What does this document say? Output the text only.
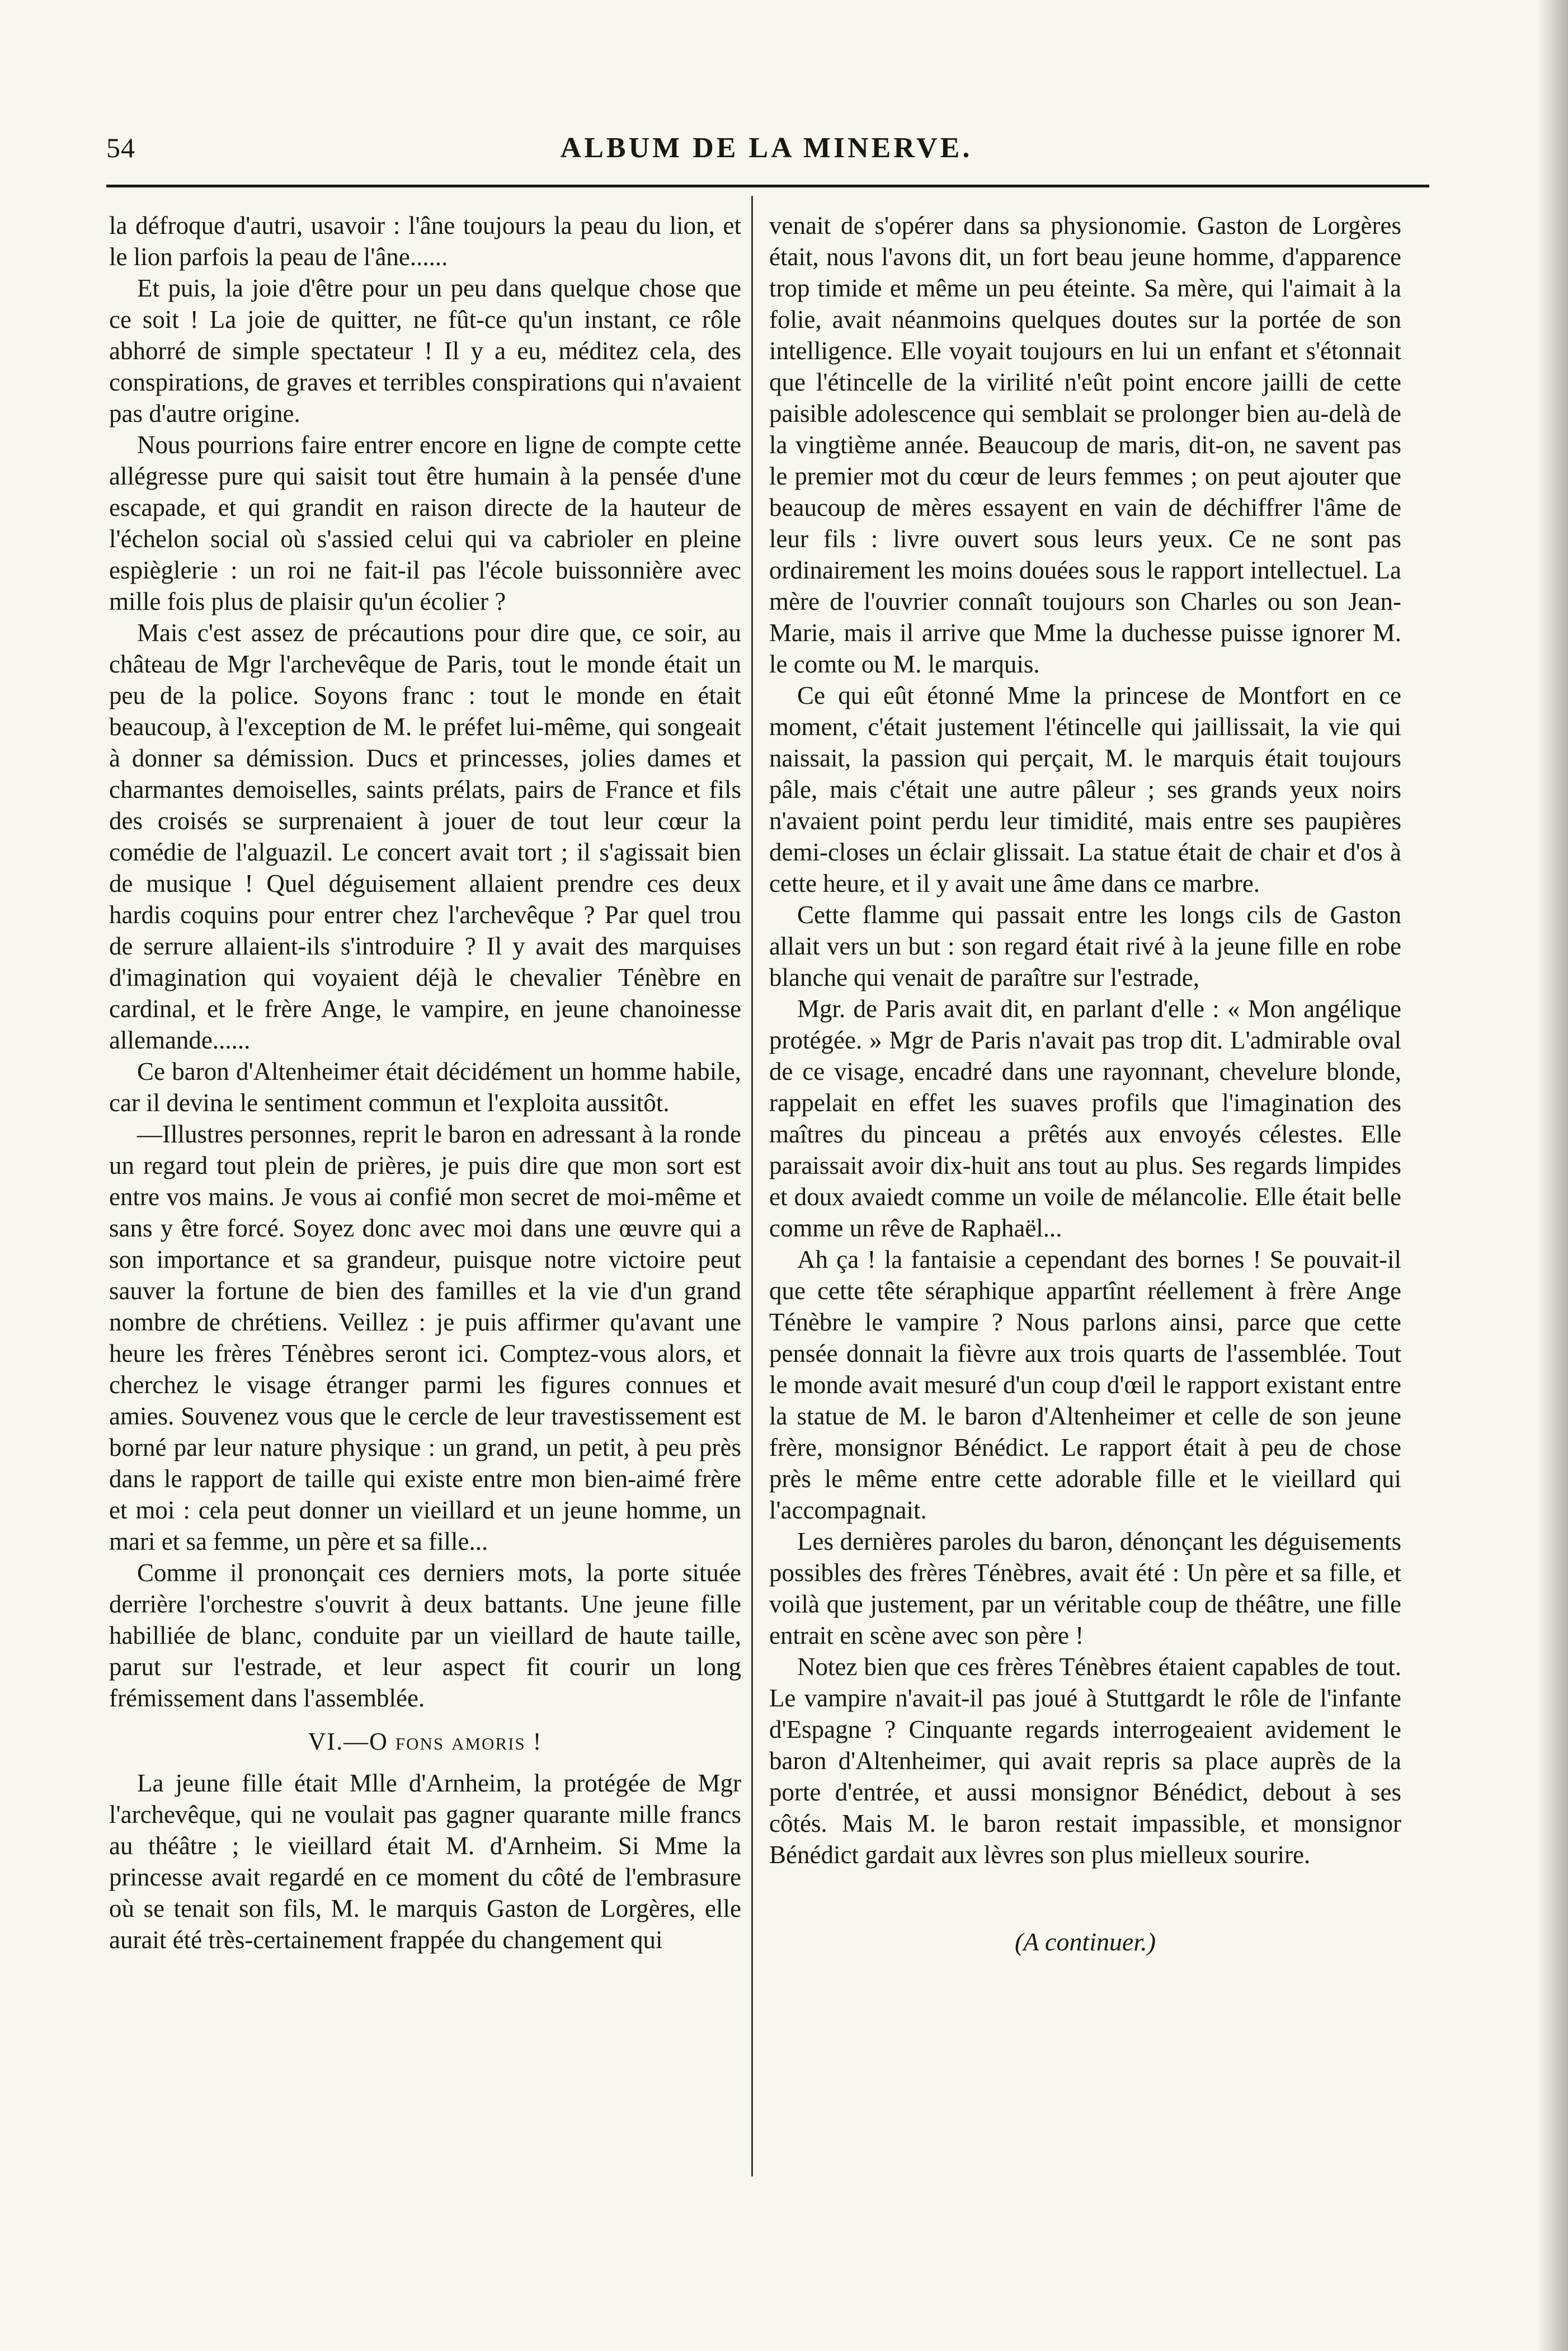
54	ALBUM DE LA MINERVE.

la défroque d'autri, usavoir : l'âne toujours la peau du lion, et le lion parfois la peau de l'âne......

Et puis, la joie d'être pour un peu dans quelque chose que ce soit ! La joie de quitter, ne fût-ce qu'un instant, ce rôle abhorré de simple spectateur ! Il y a eu, méditez cela, des conspirations, de graves et terribles conspirations qui n'avaient pas d'autre origine.

Nous pourrions faire entrer encore en ligne de compte cette allégresse pure qui saisit tout être humain à la pensée d'une escapade, et qui grandit en raison directe de la hauteur de l'échelon social où s'assied celui qui va cabrioler en pleine espièglerie : un roi ne fait-il pas l'école buissonnière avec mille fois plus de plaisir qu'un écolier ?

Mais c'est assez de précautions pour dire que, ce soir, au château de Mgr l'archevêque de Paris, tout le monde était un peu de la police. Soyons franc : tout le monde en était beaucoup, à l'exception de M. le préfet lui-même, qui songeait à donner sa démission. Ducs et princesses, jolies dames et charmantes demoiselles, saints prélats, pairs de France et fils des croisés se surprenaient à jouer de tout leur cœur la comédie de l'alguazil. Le concert avait tort ; il s'agissait bien de musique ! Quel déguisement allaient prendre ces deux hardis coquins pour entrer chez l'archevêque ? Par quel trou de serrure allaient-ils s'introduire ? Il y avait des marquises d'imagination qui voyaient déjà le chevalier Ténèbre en cardinal, et le frère Ange, le vampire, en jeune chanoinesse allemande......

Ce baron d'Altenheimer était décidément un homme habile, car il devina le sentiment commun et l'exploita aussitôt.

—Illustres personnes, reprit le baron en adressant à la ronde un regard tout plein de prières, je puis dire que mon sort est entre vos mains. Je vous ai confié mon secret de moi-même et sans y être forcé. Soyez donc avec moi dans une œuvre qui a son importance et sa grandeur, puisque notre victoire peut sauver la fortune de bien des familles et la vie d'un grand nombre de chrétiens. Veillez : je puis affirmer qu'avant une heure les frères Ténèbres seront ici. Comptez-vous alors, et cherchez le visage étranger parmi les figures connues et amies. Souvenez vous que le cercle de leur travestissement est borné par leur nature physique : un grand, un petit, à peu près dans le rapport de taille qui existe entre mon bien-aimé frère et moi : cela peut donner un vieillard et un jeune homme, un mari et sa femme, un père et sa fille...

Comme il prononçait ces derniers mots, la porte située derrière l'orchestre s'ouvrit à deux battants. Une jeune fille habilliée de blanc, conduite par un vieillard de haute taille, parut sur l'estrade, et leur aspect fit courir un long frémissement dans l'assemblée.

VI.—O fons amoris !

La jeune fille était Mlle d'Arnheim, la protégée de Mgr l'archevêque, qui ne voulait pas gagner quarante mille francs au théâtre ; le vieillard était M. d'Arnheim. Si Mme la princesse avait regardé en ce moment du côté de l'embrasure où se tenait son fils, M. le marquis Gaston de Lorgères, elle aurait été très-certainement frappée du changement qui

venait de s'opérer dans sa physionomie. Gaston de Lorgères était, nous l'avons dit, un fort beau jeune homme, d'apparence trop timide et même un peu éteinte. Sa mère, qui l'aimait à la folie, avait néanmoins quelques doutes sur la portée de son intelligence. Elle voyait toujours en lui un enfant et s'étonnait que l'étincelle de la virilité n'eût point encore jailli de cette paisible adolescence qui semblait se prolonger bien au-delà de la vingtième année. Beaucoup de maris, dit-on, ne savent pas le premier mot du cœur de leurs femmes ; on peut ajouter que beaucoup de mères essayent en vain de déchiffrer l'âme de leur fils : livre ouvert sous leurs yeux. Ce ne sont pas ordinairement les moins douées sous le rapport intellectuel. La mère de l'ouvrier connaît toujours son Charles ou son Jean-Marie, mais il arrive que Mme la duchesse puisse ignorer M. le comte ou M. le marquis.

Ce qui eût étonné Mme la princese de Montfort en ce moment, c'était justement l'étincelle qui jaillissait, la vie qui naissait, la passion qui perçait, M. le marquis était toujours pâle, mais c'était une autre pâleur ; ses grands yeux noirs n'avaient point perdu leur timidité, mais entre ses paupières demi-closes un éclair glissait. La statue était de chair et d'os à cette heure, et il y avait une âme dans ce marbre.

Cette flamme qui passait entre les longs cils de Gaston allait vers un but : son regard était rivé à la jeune fille en robe blanche qui venait de paraître sur l'estrade,

Mgr. de Paris avait dit, en parlant d'elle : « Mon angélique protégée. » Mgr de Paris n'avait pas trop dit. L'admirable oval de ce visage, encadré dans une rayonnant, chevelure blonde, rappelait en effet les suaves profils que l'imagination des maîtres du pinceau a prêtés aux envoyés célestes. Elle paraissait avoir dix-huit ans tout au plus. Ses regards limpides et doux avaiedt comme un voile de mélancolie. Elle était belle comme un rêve de Raphaël...

Ah ça ! la fantaisie a cependant des bornes ! Se pouvait-il que cette tête séraphique appartînt réellement à frère Ange Ténèbre le vampire ? Nous parlons ainsi, parce que cette pensée donnait la fièvre aux trois quarts de l'assemblée. Tout le monde avait mesuré d'un coup d'œil le rapport existant entre la statue de M. le baron d'Altenheimer et celle de son jeune frère, monsignor Bénédict. Le rapport était à peu de chose près le même entre cette adorable fille et le vieillard qui l'accompagnait.

Les dernières paroles du baron, dénonçant les déguisements possibles des frères Ténèbres, avait été : Un père et sa fille, et voilà que justement, par un véritable coup de théâtre, une fille entrait en scène avec son père !

Notez bien que ces frères Ténèbres étaient capables de tout. Le vampire n'avait-il pas joué à Stuttgardt le rôle de l'infante d'Espagne ? Cinquante regards interrogeaient avidement le baron d'Altenheimer, qui avait repris sa place auprès de la porte d'entrée, et aussi monsignor Bénédict, debout à ses côtés. Mais M. le baron restait impassible, et monsignor Bénédict gardait aux lèvres son plus mielleux sourire.

(A continuer.)
